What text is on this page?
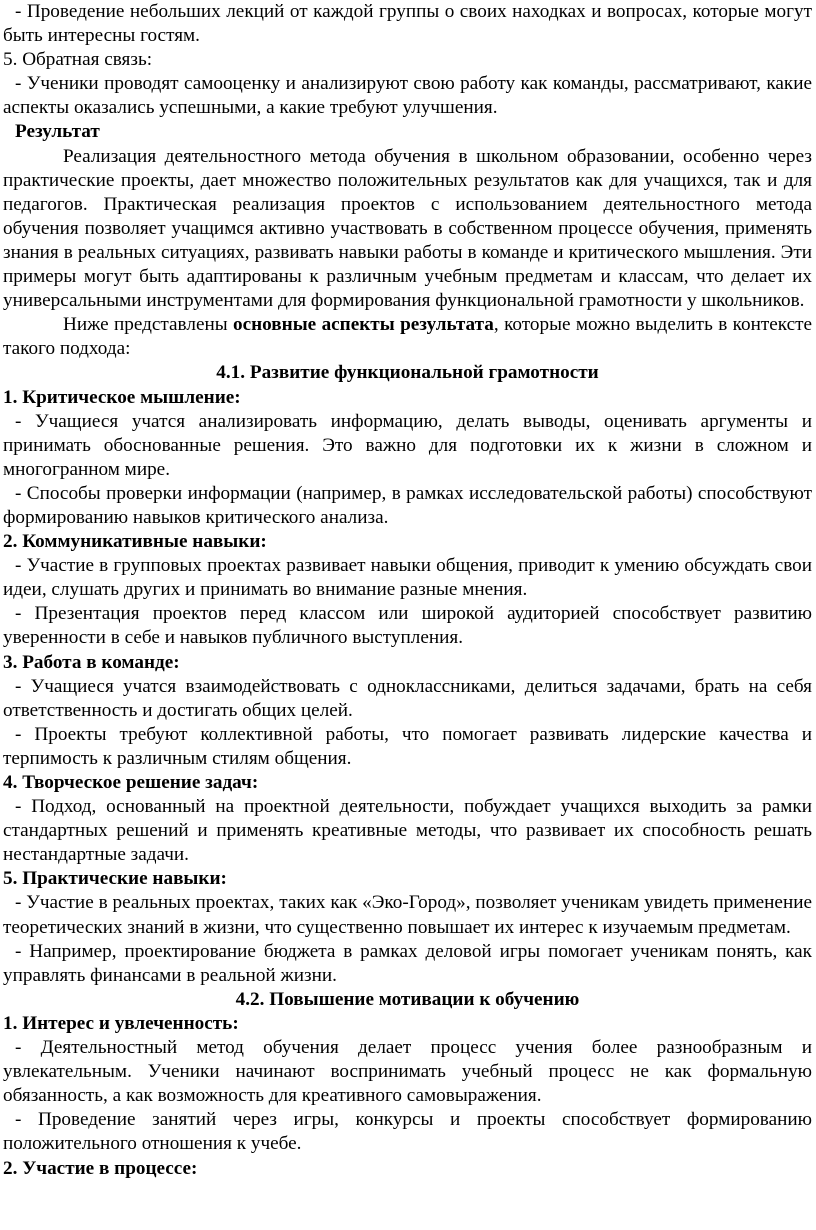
- Проведение небольших лекций от каждой группы о своих находках и вопросах, которые могут быть интересны гостям.

5. Обратная связь:

- Ученики проводят самооценку и анализируют свою работу как команды, рассматривают, какие аспекты оказались успешными, а какие требуют улучшения.

Результат

Реализация деятельностного метода обучения в школьном образовании, особенно через практические проекты, дает множество положительных результатов как для учащихся, так и для педагогов. Практическая реализация проектов с использованием деятельностного метода обучения позволяет учащимся активно участвовать в собственном процессе обучения, применять знания в реальных ситуациях, развивать навыки работы в команде и критического мышления. Эти примеры могут быть адаптированы к различным учебным предметам и классам, что делает их универсальными инструментами для формирования функциональной грамотности у школьников.

Ниже представлены основные аспекты результата, которые можно выделить в контексте такого подхода:

4.1. Развитие функциональной грамотности

1. Критическое мышление:

- Учащиеся учатся анализировать информацию, делать выводы, оценивать аргументы и принимать обоснованные решения. Это важно для подготовки их к жизни в сложном и многогранном мире.

- Способы проверки информации (например, в рамках исследовательской работы) способствуют формированию навыков критического анализа.

2. Коммуникативные навыки:

- Участие в групповых проектах развивает навыки общения, приводит к умению обсуждать свои идеи, слушать других и принимать во внимание разные мнения.

- Презентация проектов перед классом или широкой аудиторией способствует развитию уверенности в себе и навыков публичного выступления.

3. Работа в команде:

- Учащиеся учатся взаимодействовать с одноклассниками, делиться задачами, брать на себя ответственность и достигать общих целей.

- Проекты требуют коллективной работы, что помогает развивать лидерские качества и терпимость к различным стилям общения.

4. Творческое решение задач:

- Подход, основанный на проектной деятельности, побуждает учащихся выходить за рамки стандартных решений и применять креативные методы, что развивает их способность решать нестандартные задачи.

5. Практические навыки:

- Участие в реальных проектах, таких как «Эко-Город», позволяет ученикам увидеть применение теоретических знаний в жизни, что существенно повышает их интерес к изучаемым предметам.

- Например, проектирование бюджета в рамках деловой игры помогает ученикам понять, как управлять финансами в реальной жизни.

4.2. Повышение мотивации к обучению

1. Интерес и увлеченность:

- Деятельностный метод обучения делает процесс учения более разнообразным и увлекательным. Ученики начинают воспринимать учебный процесс не как формальную обязанность, а как возможность для креативного самовыражения.

- Проведение занятий через игры, конкурсы и проекты способствует формированию положительного отношения к учебе.

2. Участие в процессе:
